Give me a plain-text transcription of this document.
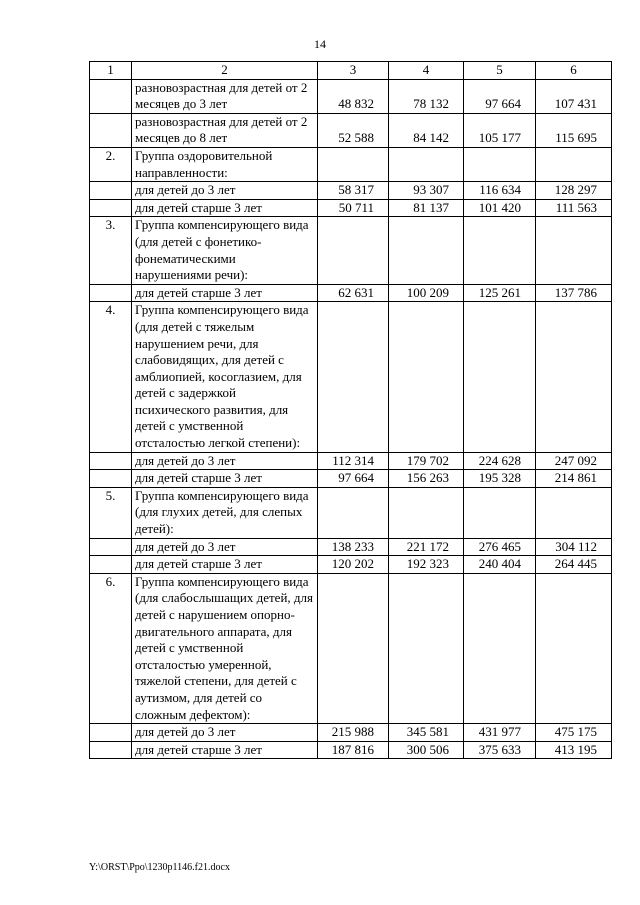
14
1	2	3	4	5	6
	разновозрастная для детей от 2 месяцев до 3 лет	48 832	78 132	97 664	107 431
	разновозрастная для детей от 2 месяцев до 8 лет	52 588	84 142	105 177	115 695
2.	Группа оздоровительной направленности:				
	для детей до 3 лет	58 317	93 307	116 634	128 297
	для детей старше 3 лет	50 711	81 137	101 420	111 563
3.	Группа компенсирующего вида (для детей с фонетико-фонематическими нарушениями речи):				
	для детей старше 3 лет	62 631	100 209	125 261	137 786
4.	Группа компенсирующего вида (для детей с тяжелым нарушением речи, для слабовидящих, для детей с амблиопией, косоглазием, для детей с задержкой психического развития, для детей с умственной отсталостью легкой степени):				
	для детей до 3 лет	112 314	179 702	224 628	247 092
	для детей старше 3 лет	97 664	156 263	195 328	214 861
5.	Группа компенсирующего вида (для глухих детей, для слепых детей):				
	для детей до 3 лет	138 233	221 172	276 465	304 112
	для детей старше 3 лет	120 202	192 323	240 404	264 445
6.	Группа компенсирующего вида (для слабослышащих детей, для детей с нарушением опорно-двигательного аппарата, для детей с умственной отсталостью умеренной, тяжелой степени, для детей с аутизмом, для детей со сложным дефектом):				
	для детей до 3 лет	215 988	345 581	431 977	475 175
	для детей старше 3 лет	187 816	300 506	375 633	413 195
Y:\ORST\Ppo\1230p1146.f21.docx
